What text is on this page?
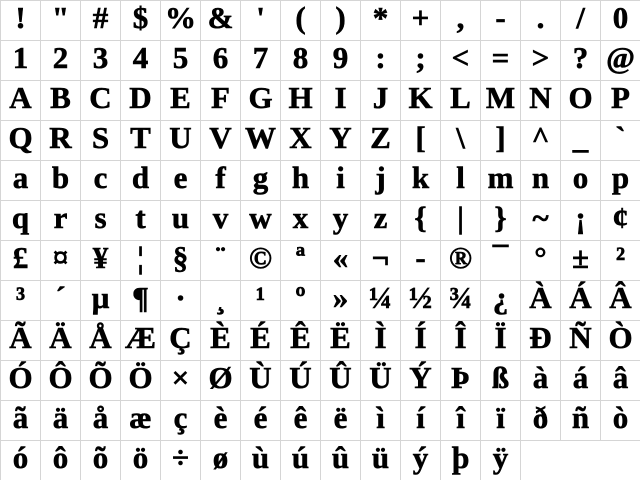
! " # $ % & ' ( ) * + , - .	/ 0
1 2 3 4 5 6 7 8 9 : ; < = > ? @
A B C D E F G H I J K L M N O P
Q R S T U V W X Y Z [ \ ] ^ _ `
a b c d e f g h i j k l m n o p
q r s t u v w x y z { | } ~ ¡ ¢
£ ¤ ¥ ¦ § ¨ © ª « ¬ - ® ¯ ° ± ²
³ ´ µ ¶ · ¸ ¹ º » ¼ ½ ¾ ¿ À Á Â
Ã Ä Å Æ Ç È É Ê Ë Ì Í Î Ï Ð Ñ Ò
Ó Ô Õ Ö × Ø Ù Ú Û Ü Ý Þ ß à á â
ã ä å æ ç è é ê ë ì	í	î	ï ð ñ ò
ó ô õ ö ÷ ø ù ú û ü ý þ ÿ
